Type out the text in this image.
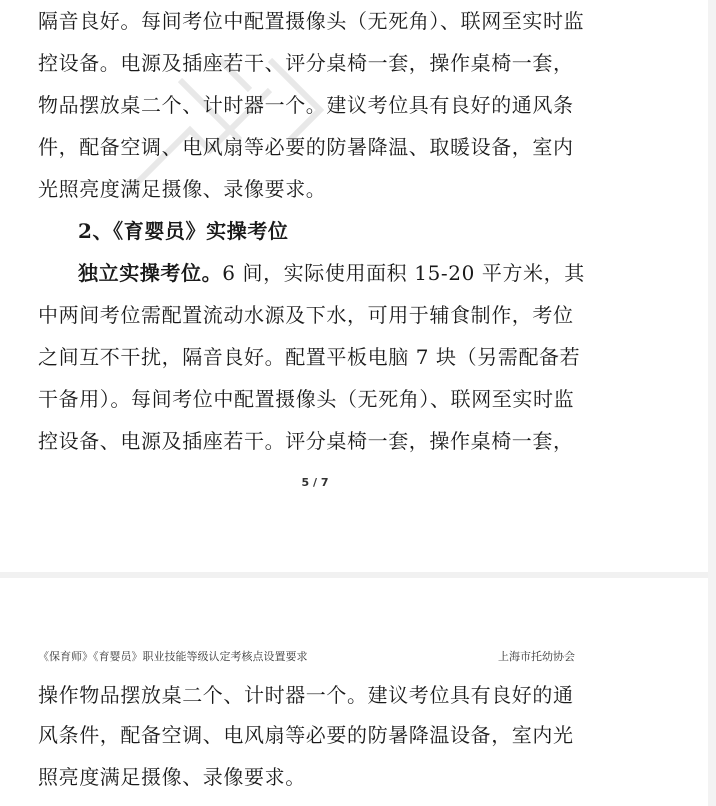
隔音良好。每间考位中配置摄像头（无死角）、联网至实时监
控设备。电源及插座若干、评分桌椅一套，操作桌椅一套，
物品摆放桌二个、计时器一个。建议考位具有良好的通风条
件，配备空调、电风扇等必要的防暑降温、取暖设备，室内
光照亮度满足摄像、录像要求。
2、《育婴员》实操考位
独立实操考位。6 间，实际使用面积 15-20 平方米，其
中两间考位需配置流动水源及下水，可用于辅食制作，考位
之间互不干扰，隔音良好。配置平板电脑 7 块（另需配备若
干备用）。每间考位中配置摄像头（无死角）、联网至实时监
控设备、电源及插座若干。评分桌椅一套，操作桌椅一套，
5 / 7
《保育师》《育婴员》职业技能等级认定考核点设置要求	上海市托幼协会
操作物品摆放桌二个、计时器一个。建议考位具有良好的通
风条件，配备空调、电风扇等必要的防暑降温设备，室内光
照亮度满足摄像、录像要求。
